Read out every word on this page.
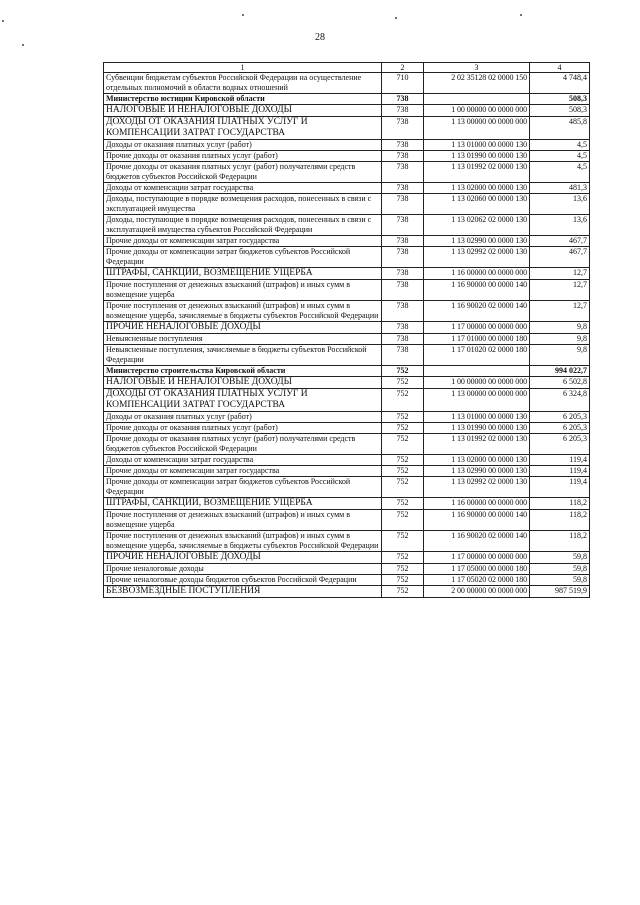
28
1	2	3	4
Субвенции бюджетам субъектов Российской Федерации на осуществление отдельных полномочий в области водных отношений	710	2 02 35128 02 0000 150	4 748,4
Министерство юстиции Кировской области	738		508,3
НАЛОГОВЫЕ И НЕНАЛОГОВЫЕ ДОХОДЫ	738	1 00 00000 00 0000 000	508,3
ДОХОДЫ ОТ ОКАЗАНИЯ ПЛАТНЫХ УСЛУГ И КОМПЕНСАЦИИ ЗАТРАТ ГОСУДАРСТВА	738	1 13 00000 00 0000 000	485,8
Доходы от оказания платных услуг (работ)	738	1 13 01000 00 0000 130	4,5
Прочие доходы от оказания платных услуг (работ)	738	1 13 01990 00 0000 130	4,5
Прочие доходы от оказания платных услуг (работ) получателями средств бюджетов субъектов Российской Федерации	738	1 13 01992 02 0000 130	4,5
Доходы от компенсации затрат государства	738	1 13 02000 00 0000 130	481,3
Доходы, поступающие в порядке возмещения расходов, понесенных в связи с эксплуатацией имущества	738	1 13 02060 00 0000 130	13,6
Доходы, поступающие в порядке возмещения расходов, понесенных в связи с эксплуатацией имущества субъектов Российской Федерации	738	1 13 02062 02 0000 130	13,6
Прочие доходы от компенсации затрат государства	738	1 13 02990 00 0000 130	467,7
Прочие доходы от компенсации затрат бюджетов субъектов Российской Федерации	738	1 13 02992 02 0000 130	467,7
ШТРАФЫ, САНКЦИИ, ВОЗМЕЩЕНИЕ УЩЕРБА	738	1 16 00000 00 0000 000	12,7
Прочие поступления от денежных взысканий (штрафов) и иных сумм в возмещение ущерба	738	1 16 90000 00 0000 140	12,7
Прочие поступления от денежных взысканий (штрафов) и иных сумм в возмещение ущерба, зачисляемые в бюджеты субъектов Российской Федерации	738	1 16 90020 02 0000 140	12,7
ПРОЧИЕ НЕНАЛОГОВЫЕ ДОХОДЫ	738	1 17 00000 00 0000 000	9,8
Невыясненные поступления	738	1 17 01000 00 0000 180	9,8
Невыясненные поступления, зачисляемые в бюджеты субъектов Российской Федерации	738	1 17 01020 02 0000 180	9,8
Министерство строительства Кировской области	752		994 022,7
НАЛОГОВЫЕ И НЕНАЛОГОВЫЕ ДОХОДЫ	752	1 00 00000 00 0000 000	6 502,8
ДОХОДЫ ОТ ОКАЗАНИЯ ПЛАТНЫХ УСЛУГ И КОМПЕНСАЦИИ ЗАТРАТ ГОСУДАРСТВА	752	1 13 00000 00 0000 000	6 324,8
Доходы от оказания платных услуг (работ)	752	1 13 01000 00 0000 130	6 205,3
Прочие доходы от оказания платных услуг (работ)	752	1 13 01990 00 0000 130	6 205,3
Прочие доходы от оказания платных услуг (работ) получателями средств бюджетов субъектов Российской Федерации	752	1 13 01992 02 0000 130	6 205,3
Доходы от компенсации затрат государства	752	1 13 02000 00 0000 130	119,4
Прочие доходы от компенсации затрат государства	752	1 13 02990 00 0000 130	119,4
Прочие доходы от компенсации затрат бюджетов субъектов Российской Федерации	752	1 13 02992 02 0000 130	119,4
ШТРАФЫ, САНКЦИИ, ВОЗМЕЩЕНИЕ УЩЕРБА	752	1 16 00000 00 0000 000	118,2
Прочие поступления от денежных взысканий (штрафов) и иных сумм в возмещение ущерба	752	1 16 90000 00 0000 140	118,2
Прочие поступления от денежных взысканий (штрафов) и иных сумм в возмещение ущерба, зачисляемые в бюджеты субъектов Российской Федерации	752	1 16 90020 02 0000 140	118,2
ПРОЧИЕ НЕНАЛОГОВЫЕ ДОХОДЫ	752	1 17 00000 00 0000 000	59,8
Прочие неналоговые доходы	752	1 17 05000 00 0000 180	59,8
Прочие неналоговые доходы бюджетов субъектов Российской Федерации	752	1 17 05020 02 0000 180	59,8
БЕЗВОЗМЕЗДНЫЕ ПОСТУПЛЕНИЯ	752	2 00 00000 00 0000 000	987 519,9
